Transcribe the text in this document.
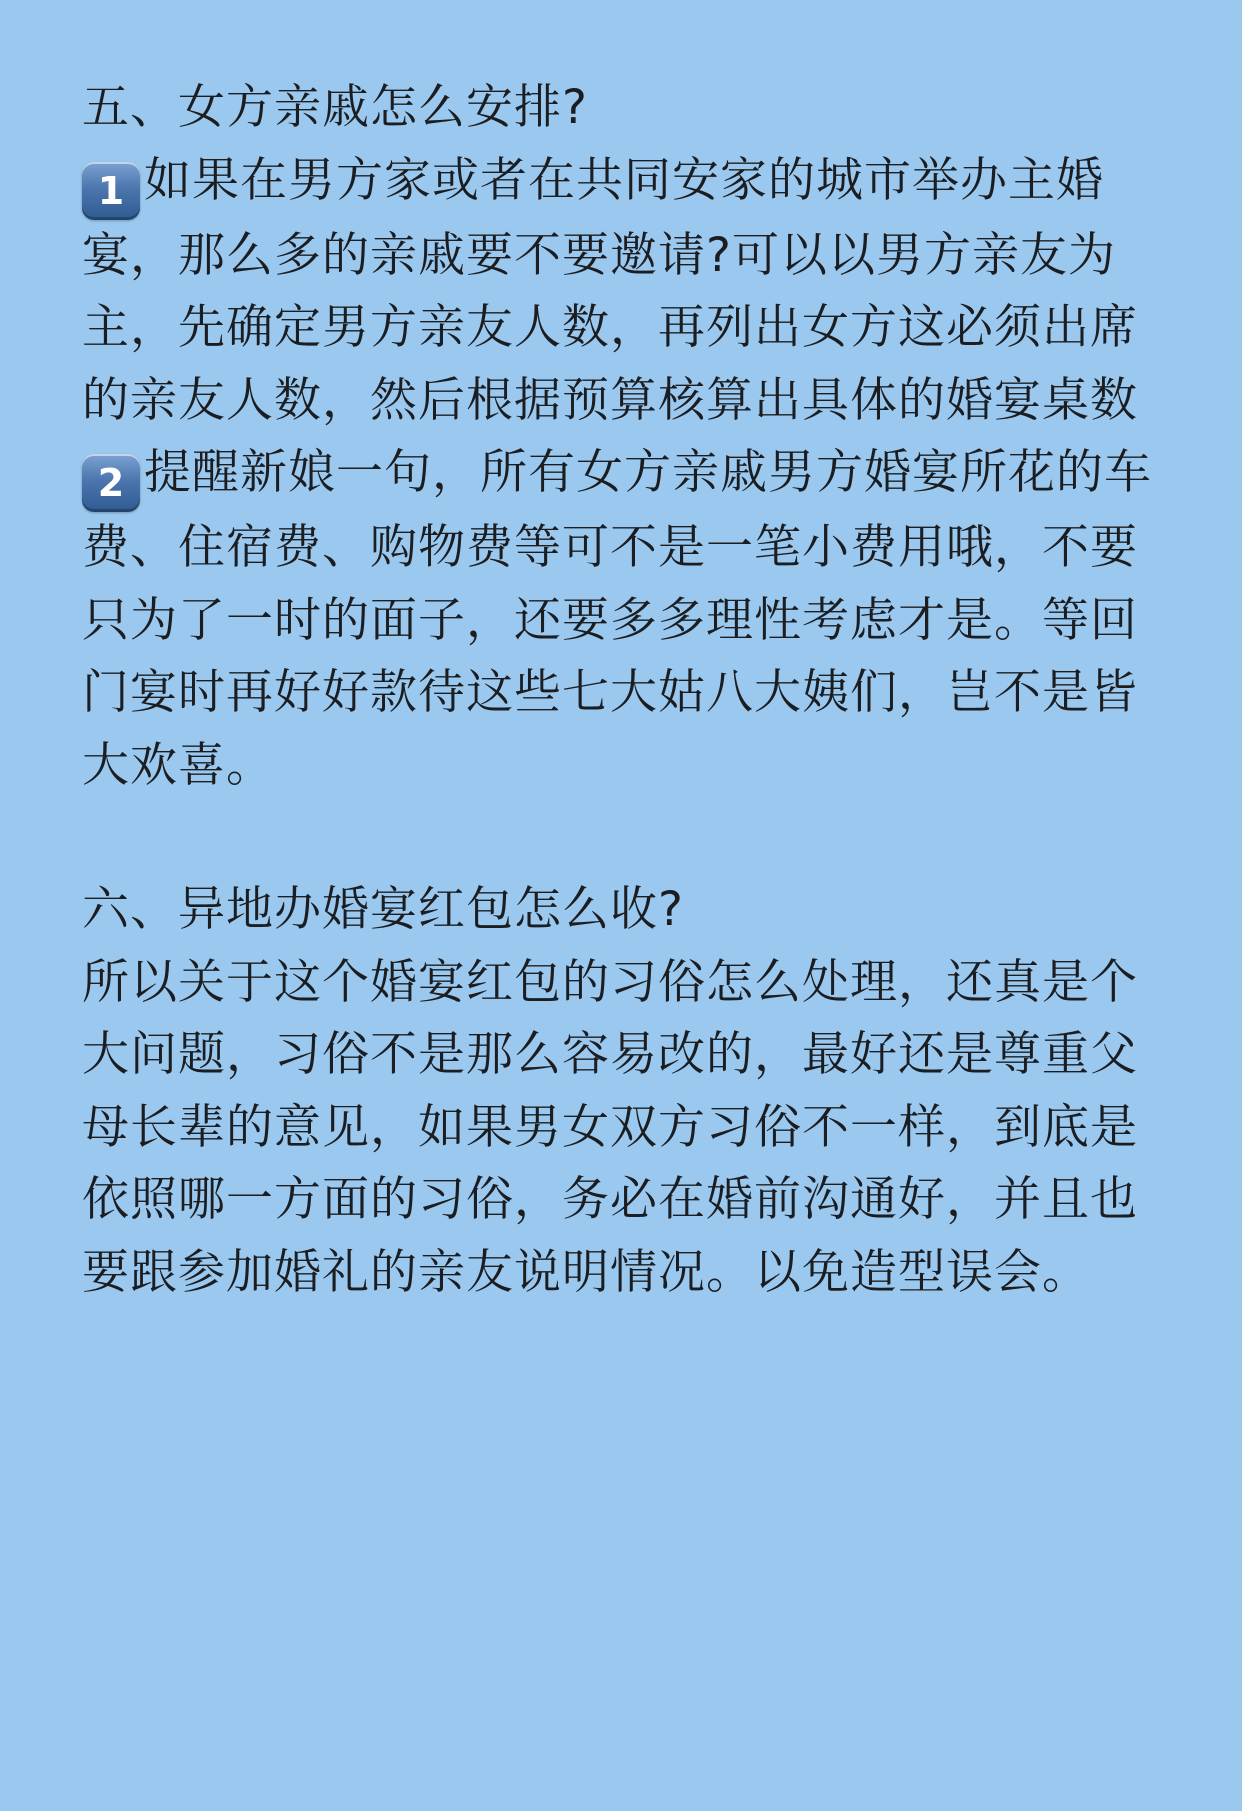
五、女方亲戚怎么安排?

1 如果在男方家或者在共同安家的城市举办主婚宴，那么多的亲戚要不要邀请?可以以男方亲友为主，先确定男方亲友人数，再列出女方这必须出席的亲友人数，然后根据预算核算出具体的婚宴桌数

2 提醒新娘一句，所有女方亲戚男方婚宴所花的车费、住宿费、购物费等可不是一笔小费用哦，不要只为了一时的面子，还要多多理性考虑才是。等回门宴时再好好款待这些七大姑八大姨们，岂不是皆大欢喜。

六、异地办婚宴红包怎么收?

所以关于这个婚宴红包的习俗怎么处理，还真是个大问题，习俗不是那么容易改的，最好还是尊重父母长辈的意见，如果男女双方习俗不一样，到底是依照哪一方面的习俗，务必在婚前沟通好，并且也要跟参加婚礼的亲友说明情况。以免造型误会。
